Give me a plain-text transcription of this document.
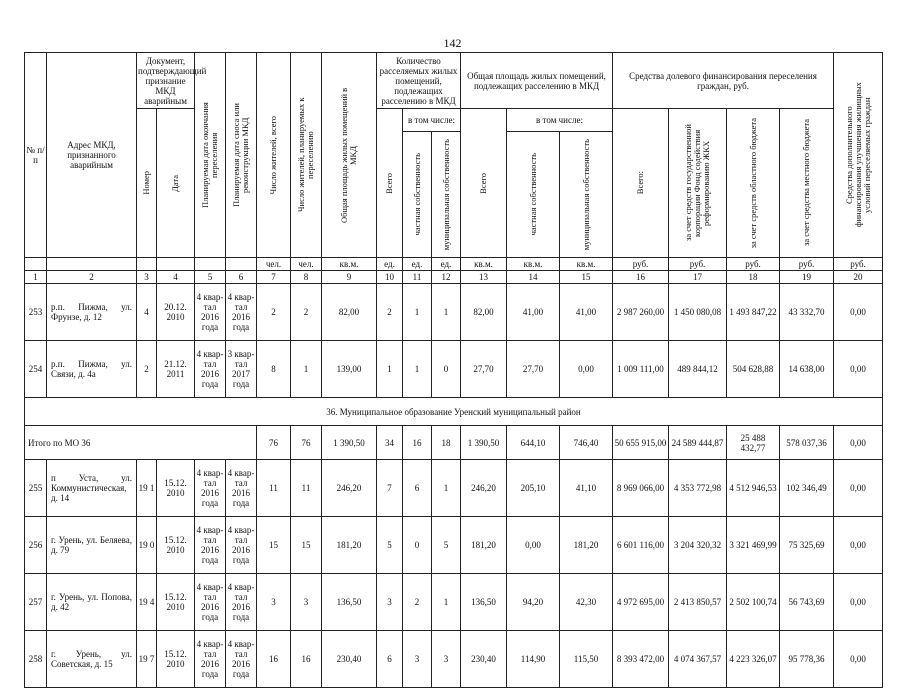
142
№ п/п	Адрес МКД, признанного аварийным	Документ, подтверждающий признание МКД аварийным		Планируемая дата окончания переселения	Планируемая дата сноса или реконструкции МКД	Число жителей, всего	Число жителей, планируемых к переселению	Общая площадь жилых помещений в МКД	Количество расселяемых жилых помещений, подлежащих расселению в МКД			Общая площадь жилых помещений, подлежащих расселению в МКД			Средства долевого финансирования переселения граждан, руб.				Средства дополнительного финансирования улучшения жилищных условий переселяемых граждан

		Номер	Дата						Всего	в том числе:		Всего	в том числе:		Всего:	за счет средств государственной корпорации Фонд содействия реформированию ЖКХ	за счет средств областного бюджета	за счет средства местного бюджета	

										частная собственность	муниципальная собственность		частная собственность	муниципальная собственность					

						чел.	чел.	кв.м.	ед.	ед.	ед.	кв.м.	кв.м.	кв.м.	руб.	руб.	руб.	руб.	руб.
1	2	3	4	5	6	7	8	9	10	11	12	13	14	15	16	17	18	19	20
253	р.п. Пижма, ул. Фрунзе, д. 12	4	20.12. 2010	4 квар-тал 2016 года	4 квар-тал 2016 года	2	2	82,00	2	1	1	82,00	41,00	41,00	2 987 260,00	1 450 080,08	1 493 847,22	43 332,70	0,00
254	р.п. Пижма, ул. Связи, д. 4а	2	21.12. 2011	4 квар-тал 2016 года	3 квар-тал 2017 года	8	1	139,00	1	1	0	27,70	27,70	0,00	1 009 111,00	489 844,12	504 628,88	14 638,00	0,00
36. Муниципальное образование Уренский муниципальный район																			
Итого по МО 36						76	76	1 390,50	34	16	18	1 390,50	644,10	746,40	50 655 915,00	24 589 444,87	25 488 432,77	578 037,36	0,00
255	п Уста, ул. Коммунистическая, д. 14	19 1	15.12. 2010	4 квар-тал 2016 года	4 квар-тал 2016 года	11	11	246,20	7	6	1	246,20	205,10	41,10	8 969 066,00	4 353 772,98	4 512 946,53	102 346,49	0,00
256	г. Урень, ул. Беляева, д. 79	19 0	15.12. 2010	4 квар-тал 2016 года	4 квар-тал 2016 года	15	15	181,20	5	0	5	181,20	0,00	181,20	6 601 116,00	3 204 320,32	3 321 469,99	75 325,69	0,00
257	г. Урень, ул. Попова, д. 42	19 4	15.12. 2010	4 квар-тал 2016 года	4 квар-тал 2016 года	3	3	136,50	3	2	1	136,50	94,20	42,30	4 972 695,00	2 413 850,57	2 502 100,74	56 743,69	0,00
258	г. Урень, ул. Советская, д. 15	19 7	15.12. 2010	4 квар-тал 2016 года	4 квар-тал 2016 года	16	16	230,40	6	3	3	230,40	114,90	115,50	8 393 472,00	4 074 367,57	4 223 326,07	95 778,36	0,00
